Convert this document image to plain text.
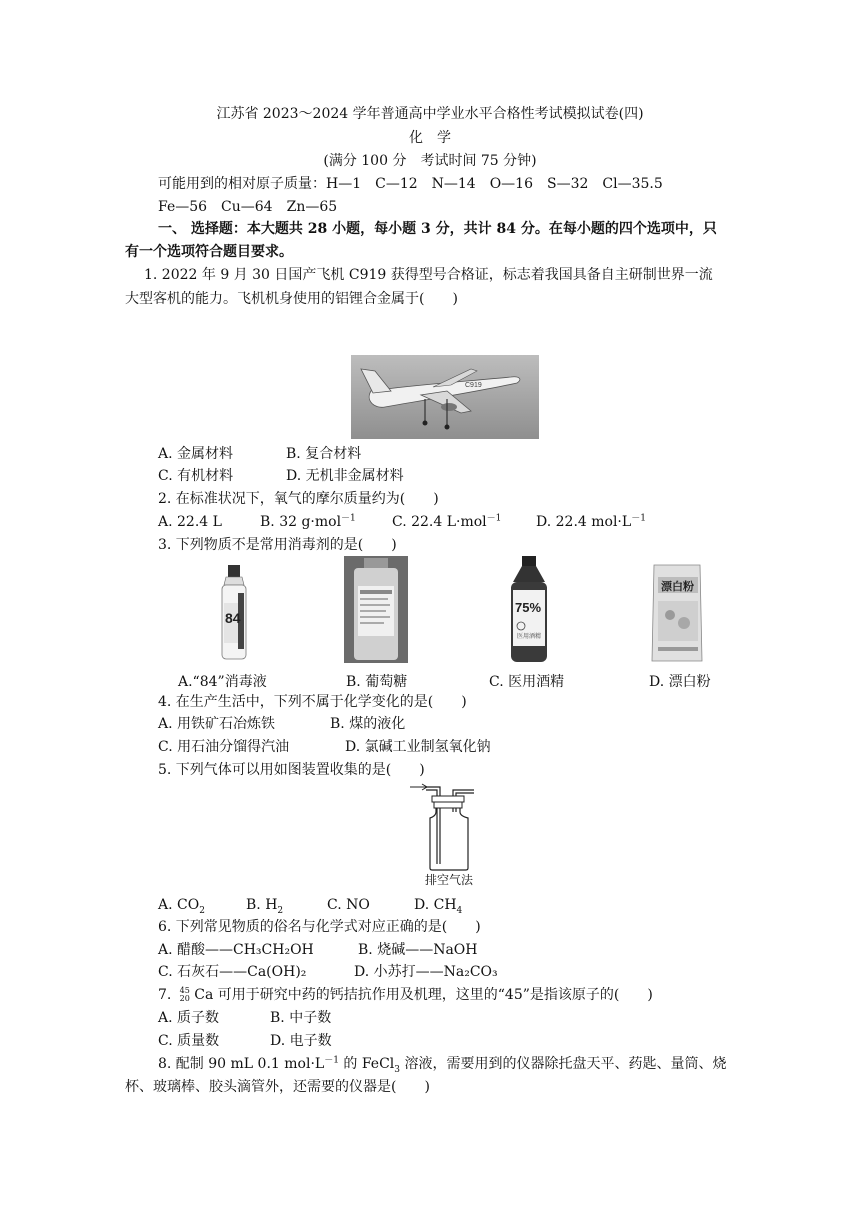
江苏省 2023～2024 学年普通高中学业水平合格性考试模拟试卷(四)
化　学
(满分 100 分　考试时间 75 分钟)
可能用到的相对原子质量：H—1　C—12　N—14　O—16　S—32　Cl—35.5
Fe—56　Cu—64　Zn—65
一、 选择题：本大题共 28 小题，每小题 3 分，共计 84 分。在每小题的四个选项中，只
有一个选项符合题目要求。
1. 2022 年 9 月 30 日国产飞机 C919 获得型号合格证，标志着我国具备自主研制世界一流
大型客机的能力。飞机机身使用的铝锂合金属于(　　)
C919
A. 金属材料	B. 复合材料
C. 有机材料	D. 无机非金属材料
2. 在标准状况下，氧气的摩尔质量约为(　　)
A. 22.4 L	B. 32 g·mol$^{-1}$	C. 22.4 L·mol$^{-1}$ D. 22.4 $mol\cdot L^{-1}$
3. 下列物质不是常用消毒剂的是(　　)
84
75%
医用酒精
漂白粉
A.“84”消毒液	B. 葡萄糖	C. 医用酒精	D. 漂白粉
4. 在生产生活中，下列不属于化学变化的是(　　)
A. 用铁矿石冶炼铁	B. 煤的液化
C. 用石油分馏得汽油	D. 氯碱工业制氢氧化钠
5. 下列气体可以用如图装置收集的是(　　)
排空气法
A. $CO_2$	B. $H_2$	C. NO	D. $CH_4$
6. 下列常见物质的俗名与化学式对应正确的是(　　)
A. 醋酸——CH₃CH₂OH	B. 烧碱——NaOH
C. 石灰石——Ca(OH)₂	D. 小苏打——Na₂CO₃
7. 45
20 Ca 可用于研究中药的钙拮抗作用及机理，这里的“45”是指该原子的(　　)
A. 质子数	B. 中子数
C. 质量数	D. 电子数
8. 配制 90 mL 0.1 $mol\cdot L^{-1}$ 的 FeCl$_3$ 溶液，需要用到的仪器除托盘天平、药匙、量筒、烧
杯、玻璃棒、胶头滴管外，还需要的仪器是(　　)
